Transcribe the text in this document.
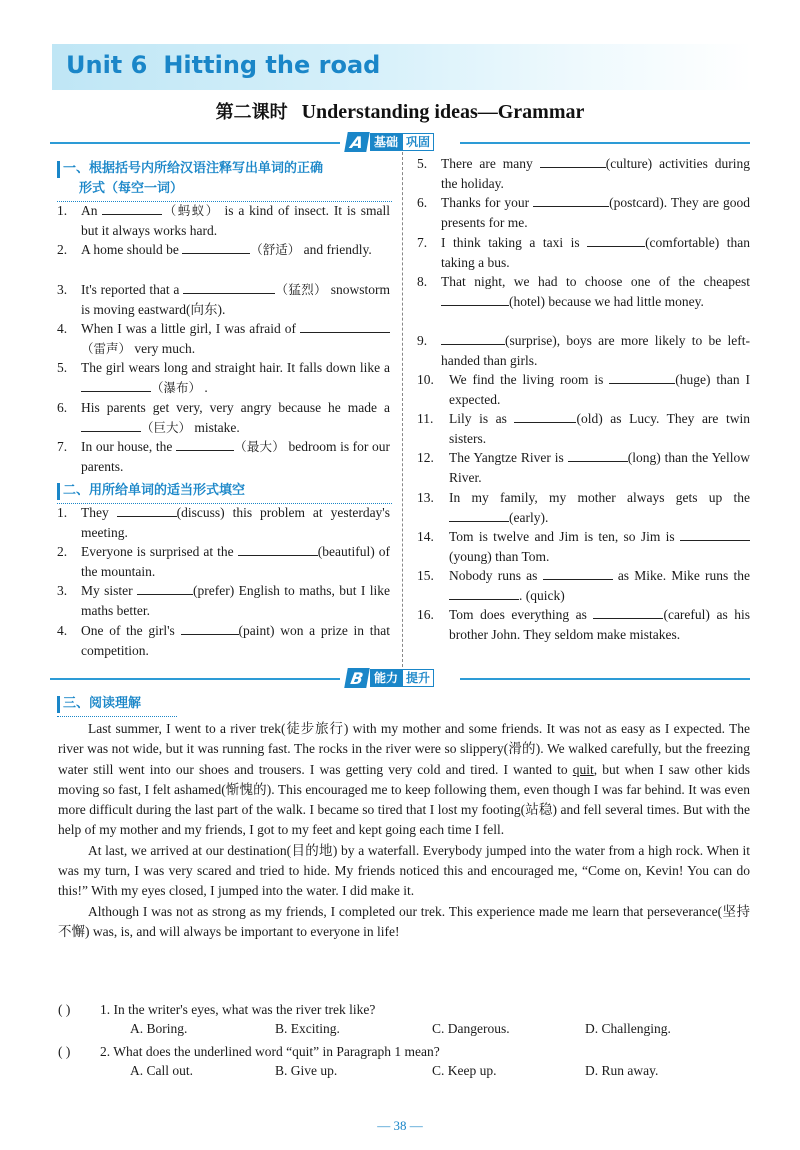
Unit 6 Hitting the road
第二课时 Understanding ideas—Grammar
A 基础 巩固
一、根据括号内所给汉语注释写出单词的正确
形式（每空一词）
1.	An	（蚂蚁） is a kind of insect. It is small but it always works hard.
2.	A home should be	（舒适） and friendly.
3.	It's reported that a	（猛烈） snowstorm is moving eastward(向东).
4.	When I was a little girl, I was afraid of （雷声） very much.
5.	The girl wears long and straight hair. It falls down like a （瀑布） .
6.	His parents get very, very angry because he made a （巨大） mistake.
7.	In our house, the	（最大） bedroom is for our parents.
二、用所给单词的适当形式填空
1.	They	(discuss) this problem at yesterday's meeting.
2.	Everyone is surprised at the	(beautiful) of the mountain.
3.	My sister	(prefer) English to maths, but I like maths better.
4.	One of the girl's	(paint) won a prize in that competition.
5.	There are many	(culture) activities during the holiday.
6.	Thanks for your	(postcard). They are good presents for me.
7.	I think taking a taxi is	(comfortable) than taking a bus.
8.	That night, we had to choose one of the cheapest (hotel) because we had little money.
9.	(surprise), boys are more likely to be left-handed than girls.
10.	We find the living room is	(huge) than I expected.
11.	Lily is as	(old) as Lucy. They are twin sisters.
12.	The Yangtze River is	(long) than the Yellow River.
13.	In my family, my mother always gets up the (early).
14.	Tom is twelve and Jim is ten, so Jim is (young) than Tom.
15.	Nobody runs as	as Mike. Mike runs the . (quick)
16.	Tom does everything as	(careful) as his brother John. They seldom make mistakes.
B 能力 提升
三、阅读理解

Last summer, I went to a river trek(徒步旅行) with my mother and some friends. It was not as easy as I expected. The river was not wide, but it was running fast. The rocks in the river were so slippery(滑的). We walked carefully, but the freezing water still went into our shoes and trousers. I was getting very cold and tired. I wanted to quit, but when I saw other kids moving so fast, I felt ashamed(惭愧的). This encouraged me to keep following them, even though I was far behind. It was even more difficult during the last part of the walk. I became so tired that I lost my footing(站稳) and fell several times. But with the help of my mother and my friends, I got to my feet and kept going each time I fell.

At last, we arrived at our destination(目的地) by a waterfall. Everybody jumped into the water from a high rock. When it was my turn, I was very scared and tried to hide. My friends noticed this and encouraged me, “Come on, Kevin! You can do this!” With my eyes closed, I jumped into the water. I did make it.

Although I was not as strong as my friends, I completed our trek. This experience made me learn that perseverance(坚持不懈) was, is, and will always be important to everyone in life!

( ) 1. In the writer's eyes, what was the river trek like?
A. Boring.	B. Exciting.	C. Dangerous.	D. Challenging.
( ) 2. What does the underlined word “quit” in Paragraph 1 mean?
A. Call out.	B. Give up.	C. Keep up.	D. Run away.
— 38 —
